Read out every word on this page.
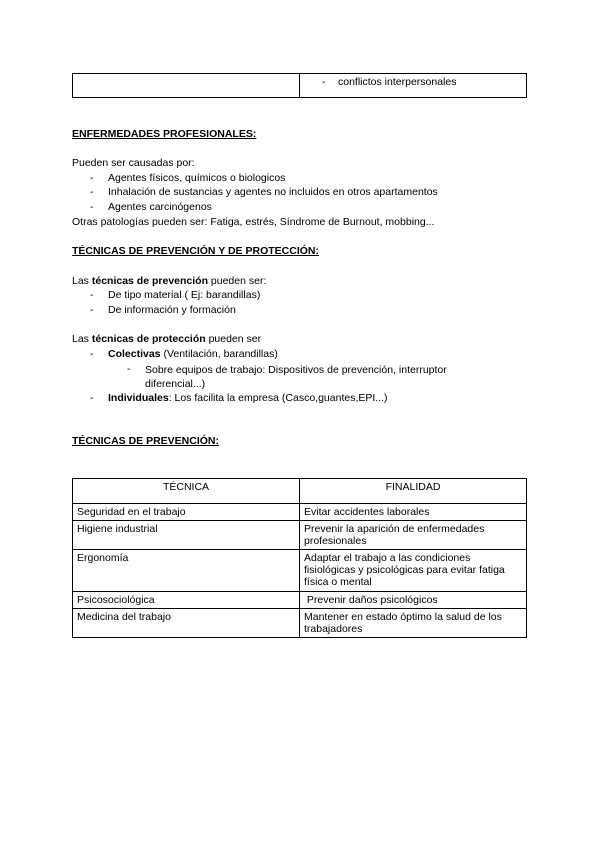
	- conflictos interpersonales
ENFERMEDADES PROFESIONALES:
Pueden ser causadas por:
- Agentes físicos, químicos o biologicos
- Inhalación de sustancias y agentes no incluidos en otros apartamentos
- Agentes carcinógenos
Otras patologías pueden ser: Fatiga, estrés, Síndrome de Burnout, mobbing...
TÉCNICAS DE PREVENCIÓN Y DE PROTECCIÓN:
Las técnicas de prevención pueden ser:
- De tipo material ( Ej: barandillas)
- De información y formación
Las técnicas de protección pueden ser
- Colectivas (Ventilación, barandillas)
- Sobre equipos de trabajo: Dispositivos de prevención, interruptor diferencial...)
- Individuales: Los facilita la empresa (Casco,guantes,EPI...)
TÉCNICAS DE PREVENCIÓN:
TÉCNICA	FINALIDAD
Seguridad en el trabajo	Evitar accidentes laborales
Higiene industrial	Prevenir la aparición de enfermedades profesionales
Ergonomía	Adaptar el trabajo a las condiciones fisiológicas y psicológicas para evitar fatiga física o mental
Psicosociológica	Prevenir daños psicológicos
Medicina del trabajo	Mantener en estado óptimo la salud de los trabajadores
